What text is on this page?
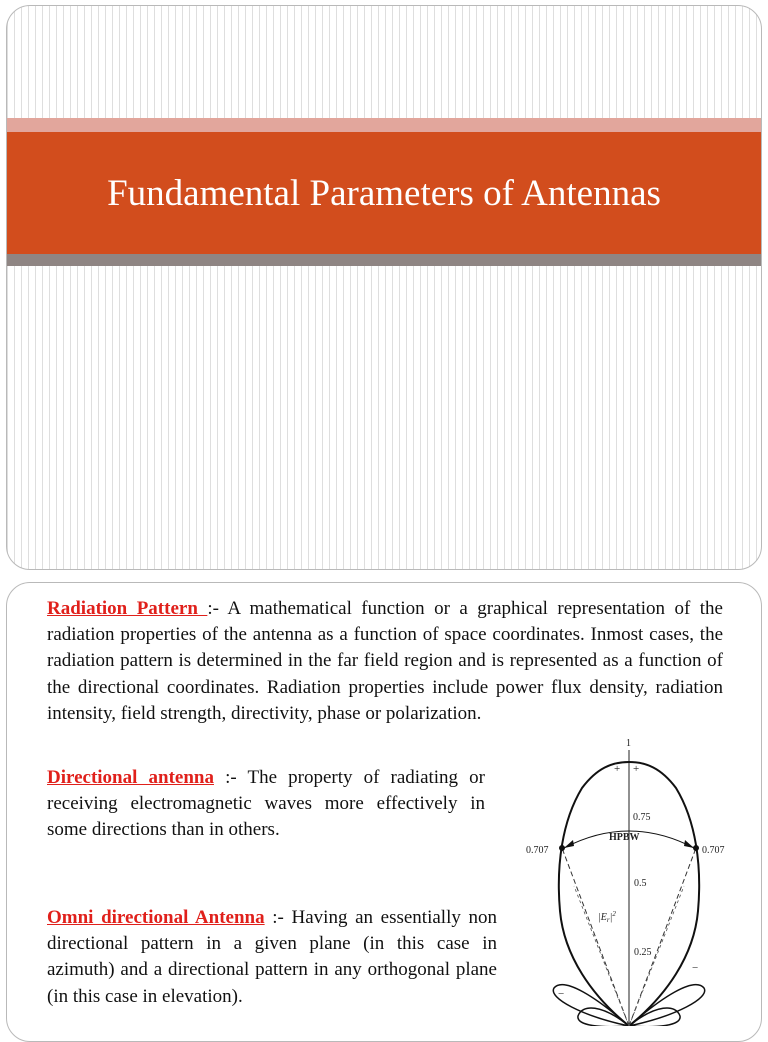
Fundamental Parameters of Antennas

Radiation Pattern :- A mathematical function or a graphical representation of the radiation properties of the antenna as a function of space coordinates. Inmost cases, the radiation pattern is determined in the far field region and is represented as a function of the directional coordinates. Radiation properties include power flux density, radiation intensity, field strength, directivity, phase or polarization.

Directional antenna :- The property of radiating or receiving electromagnetic waves more effectively in some directions than in others.

Omni directional Antenna :- Having an essentially non directional pattern in a given plane (in this case in azimuth) and a directional pattern in any orthogonal plane (in this case in elevation).

1
+ +
0.75
HPBW
0.707	0.707
0.5
$|E_r|^2$
0.25
−
−
